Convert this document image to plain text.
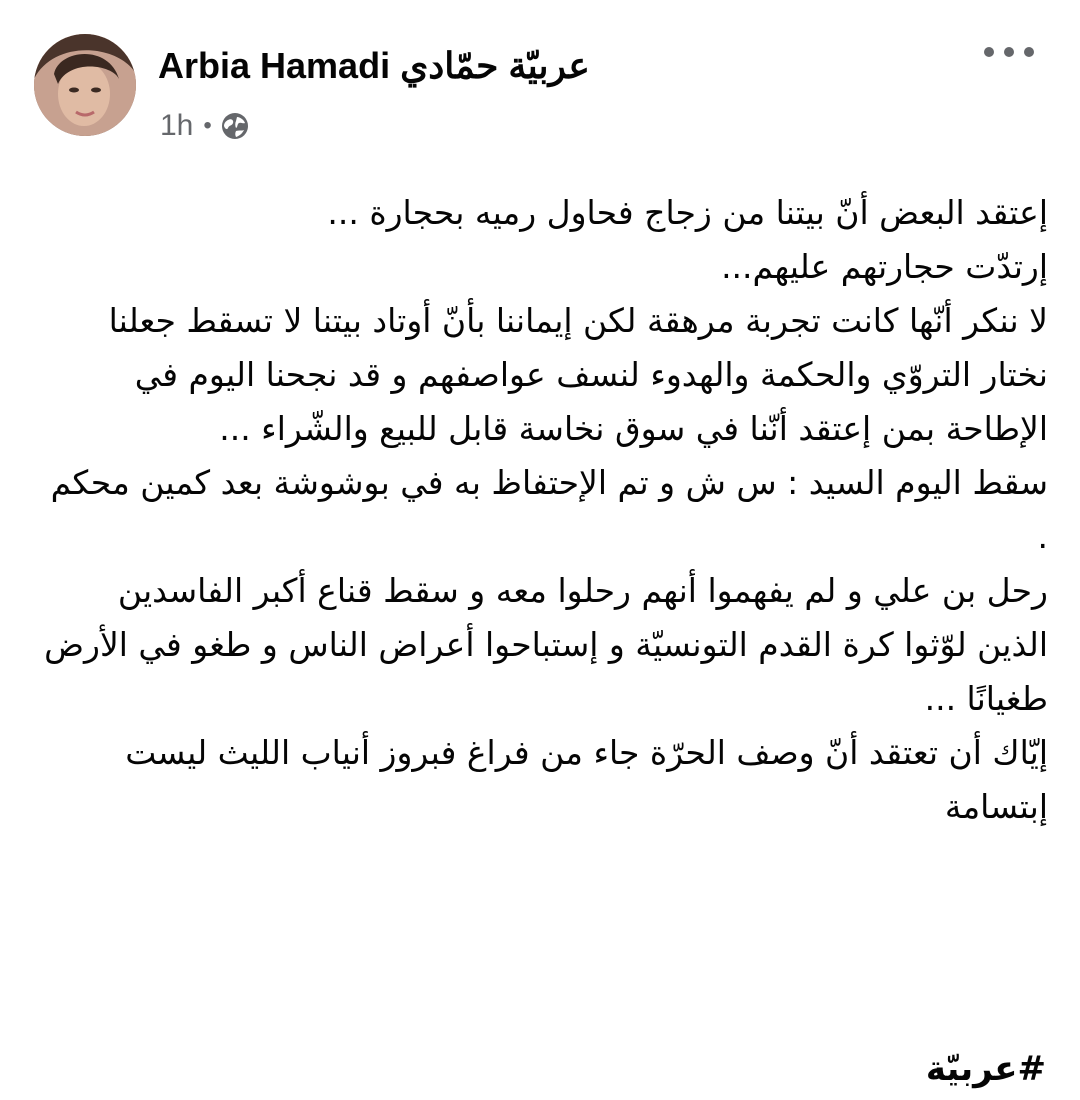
Arbia Hamadi عربيّة حمّادي
1h •

إعتقد البعض أنّ بيتنا من زجاج فحاول رميه بحجارة ...

إرتدّت حجارتهم عليهم...

لا ننكر أنّها كانت تجربة مرهقة لكن إيماننا بأنّ أوتاد بيتنا لا تسقط جعلنا نختار التروّي والحكمة والهدوء لنسف عواصفهم و قد نجحنا اليوم في الإطاحة بمن إعتقد أنّنا في سوق نخاسة قابل للبيع والشّراء ...

سقط اليوم السيد : س ش و تم الإحتفاظ به في بوشوشة بعد كمين محكم .

رحل بن علي و لم يفهموا أنهم رحلوا معه و سقط قناع أكبر الفاسدين الذين لوّثوا كرة القدم التونسيّة و إستباحوا أعراض الناس و طغو في الأرض طغيانًا ...

إيّاك أن تعتقد أنّ وصف الحرّة جاء من فراغ فبروز أنياب الليث ليست إبتسامة

#عربيّة
